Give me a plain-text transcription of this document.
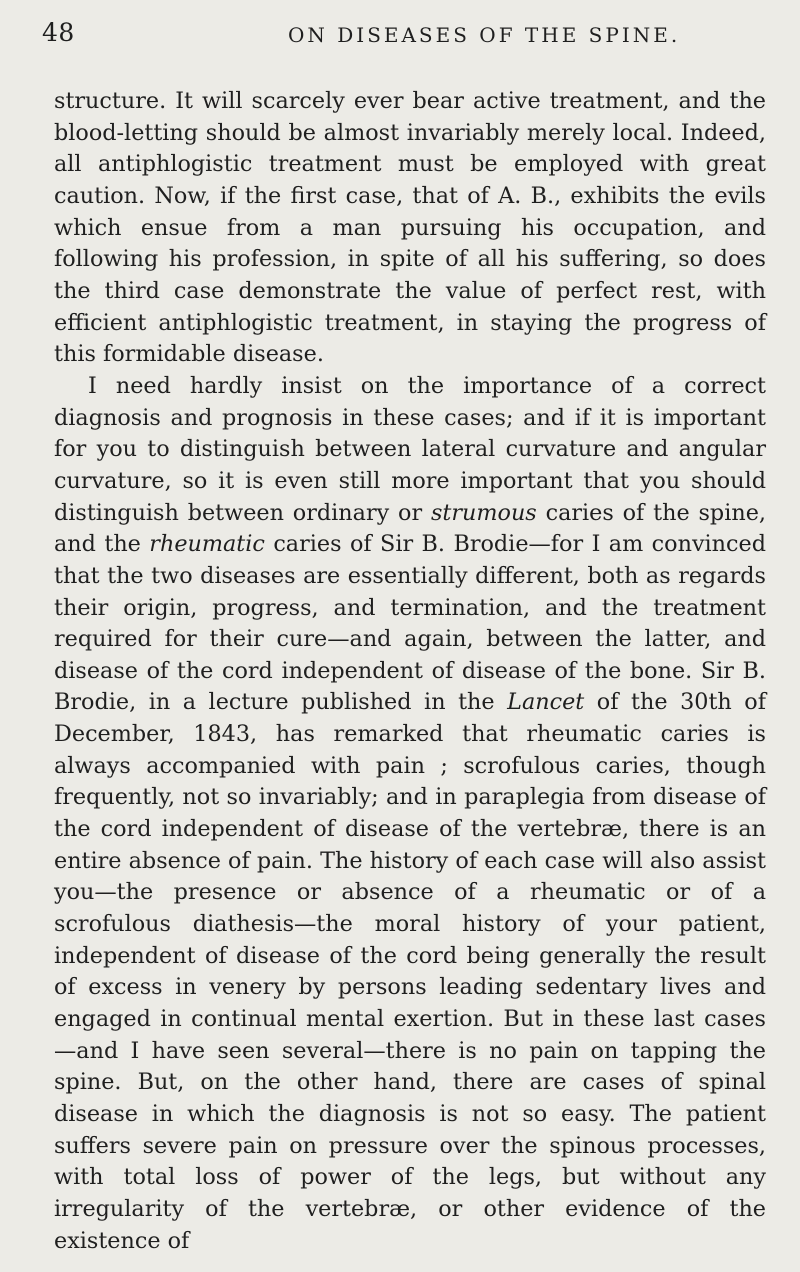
48	ON DISEASES OF THE SPINE.

structure. It will scarcely ever bear active treatment, and the blood-letting should be almost invariably merely local. Indeed, all antiphlogistic treatment must be employed with great caution. Now, if the first case, that of A. B., exhibits the evils which ensue from a man pursuing his occupation, and following his profession, in spite of all his suffering, so does the third case demonstrate the value of perfect rest, with efficient antiphlogistic treatment, in staying the progress of this formidable disease.

I need hardly insist on the importance of a correct diagnosis and prognosis in these cases; and if it is important for you to distinguish between lateral curvature and angular curvature, so it is even still more important that you should distinguish between ordinary or strumous caries of the spine, and the rheumatic caries of Sir B. Brodie—for I am convinced that the two diseases are essentially different, both as regards their origin, progress, and termination, and the treatment required for their cure—and again, between the latter, and disease of the cord independent of disease of the bone. Sir B. Brodie, in a lecture published in the Lancet of the 30th of December, 1843, has remarked that rheumatic caries is always accompanied with pain ; scrofulous caries, though frequently, not so invariably; and in paraplegia from disease of the cord independent of disease of the vertebræ, there is an entire absence of pain. The history of each case will also assist you—the presence or absence of a rheumatic or of a scrofulous diathesis—the moral history of your patient, independent of disease of the cord being generally the result of excess in venery by persons leading sedentary lives and engaged in continual mental exertion. But in these last cases—and I have seen several—there is no pain on tapping the spine. But, on the other hand, there are cases of spinal disease in which the diagnosis is not so easy. The patient suffers severe pain on pressure over the spinous processes, with total loss of power of the legs, but without any irregularity of the vertebræ, or other evidence of the existence of
